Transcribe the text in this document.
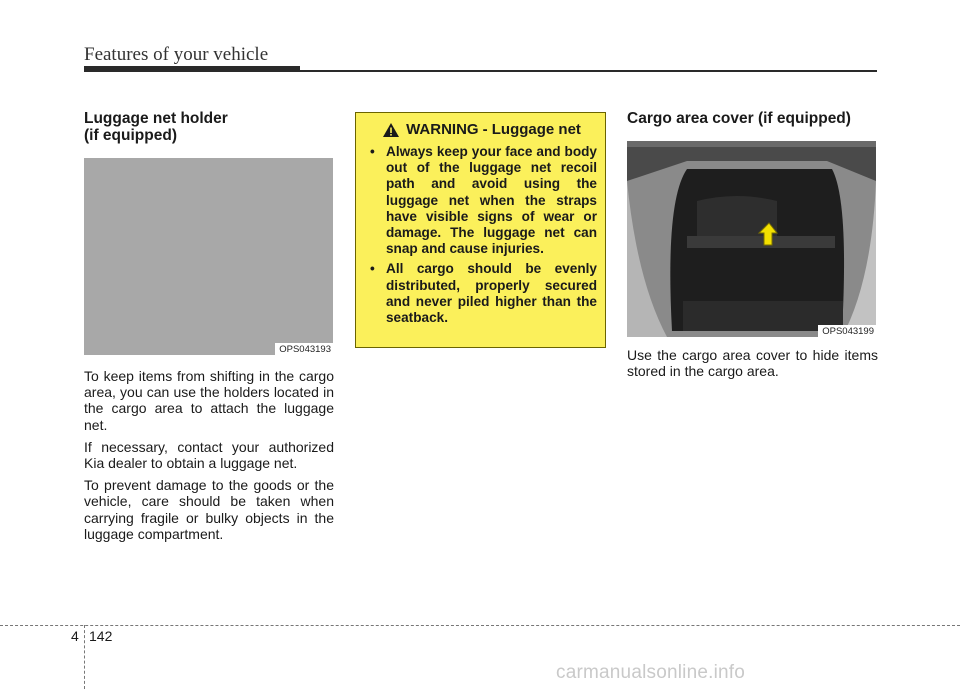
Features of your vehicle
Luggage net holder
(if equipped)
OPS043193

To keep items from shifting in the cargo area, you can use the holders located in the cargo area to attach the luggage net.

If necessary, contact your authorized Kia dealer to obtain a luggage net.

To prevent damage to the goods or the vehicle, care should be taken when carrying fragile or bulky objects in the luggage compartment.

WARNING - Luggage net
• Always keep your face and body out of the luggage net recoil path and avoid using the luggage net when the straps have visible signs of wear or damage. The luggage net can snap and cause injuries.
• All cargo should be evenly distributed, properly secured and never piled higher than the seatback.
Cargo area cover (if equipped)
OPS043199

Use the cargo area cover to hide items stored in the cargo area.

4 142
carmanualsonline.info
